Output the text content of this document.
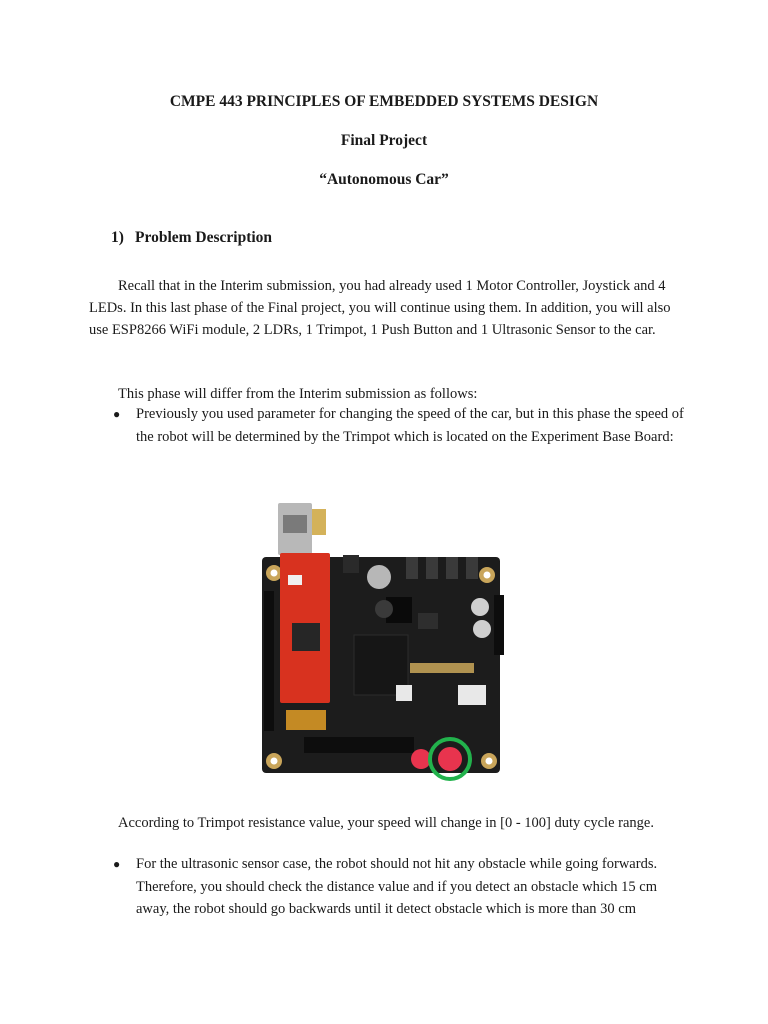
CMPE 443 PRINCIPLES OF EMBEDDED SYSTEMS DESIGN
Final Project
“Autonomous Car”
1) Problem Description

Recall that in the Interim submission, you had already used 1 Motor Controller, Joystick and 4 LEDs. In this last phase of the Final project, you will continue using them. In addition, you will also use ESP8266 WiFi module, 2 LDRs, 1 Trimpot, 1 Push Button and 1 Ultrasonic Sensor to the car.

This phase will differ from the Interim submission as follows:

● Previously you used parameter for changing the speed of the car, but in this phase the speed of the robot will be determined by the Trimpot which is located on the Experiment Base Board:

According to Trimpot resistance value, your speed will change in [0 - 100] duty cycle range.

● For the ultrasonic sensor case, the robot should not hit any obstacle while going forwards. Therefore, you should check the distance value and if you detect an obstacle which 15 cm away, the robot should go backwards until it detect obstacle which is more than 30 cm
